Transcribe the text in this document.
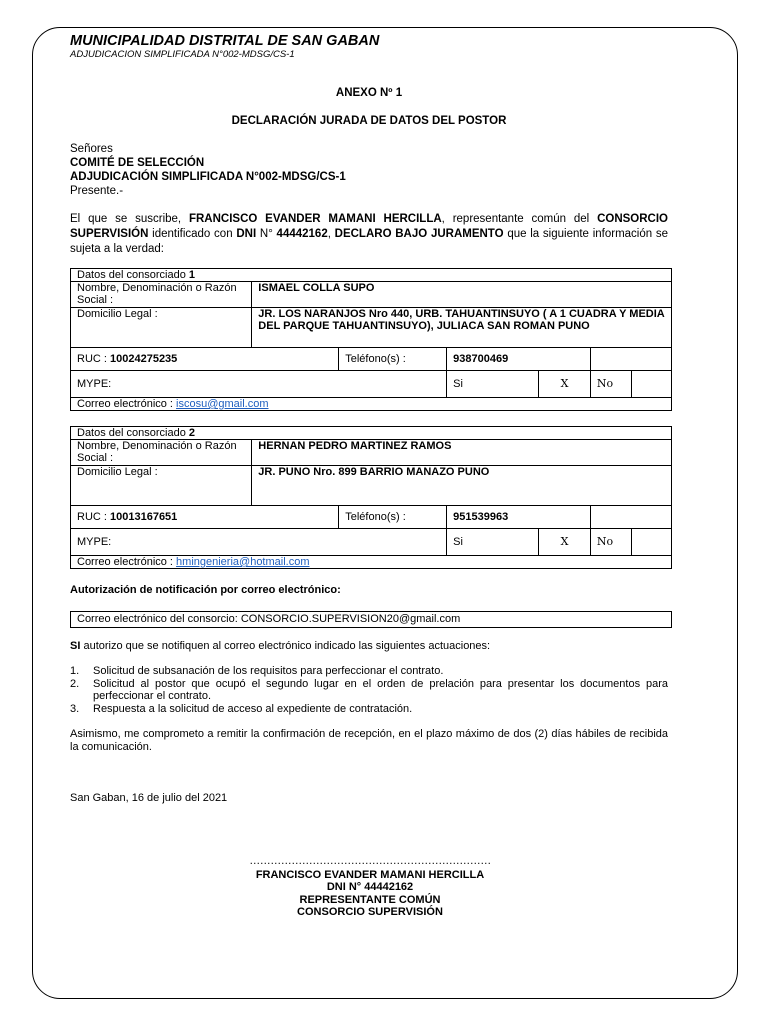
MUNICIPALIDAD DISTRITAL DE SAN GABAN
ADJUDICACION SIMPLIFICADA N°002-MDSG/CS-1
ANEXO Nº 1
DECLARACIÓN JURADA DE DATOS DEL POSTOR
Señores
COMITÉ DE SELECCIÓN
ADJUDICACIÓN SIMPLIFICADA N°002-MDSG/CS-1
Presente.-
El que se suscribe, FRANCISCO EVANDER MAMANI HERCILLA, representante común del CONSORCIO SUPERVISIÓN identificado con DNI N° 44442162, DECLARO BAJO JURAMENTO que la siguiente información se sujeta a la verdad:
Datos del consorciado 1						
Nombre, Denominación o Razón
Social :	ISMAEL COLLA SUPO					
Domicilio Legal :	JR. LOS NARANJOS Nro 440, URB. TAHUANTINSUYO ( A 1 CUADRA Y MEDIA DEL PARQUE TAHUANTINSUYO), JULIACA SAN ROMAN PUNO					
RUC : 10024275235		Teléfono(s) :	938700469			
MYPE:			Si	X	No	
Correo electrónico : iscosu@gmail.com						
Datos del consorciado 2						
Nombre, Denominación o Razón
Social :	HERNAN PEDRO MARTINEZ RAMOS					
Domicilio Legal :	JR. PUNO Nro. 899 BARRIO MANAZO PUNO					
RUC : 10013167651		Teléfono(s) :	951539963			
MYPE:			Si	X	No	
Correo electrónico : hmingenieria@hotmail.com						
Autorización de notificación por correo electrónico:
Correo electrónico del consorcio: CONSORCIO.SUPERVISION20@gmail.com
SI autorizo que se notifiquen al correo electrónico indicado las siguientes actuaciones:
1.	Solicitud de subsanación de los requisitos para perfeccionar el contrato.
2.	Solicitud al postor que ocupó el segundo lugar en el orden de prelación para presentar los documentos para perfeccionar el contrato.
3.	Respuesta a la solicitud de acceso al expediente de contratación.
Asimismo, me comprometo a remitir la confirmación de recepción, en el plazo máximo de dos (2) días hábiles de recibida la comunicación.
San Gaban, 16 de julio del 2021
……………………………………………………………
FRANCISCO EVANDER MAMANI HERCILLA
DNI N° 44442162
REPRESENTANTE COMÚN
CONSORCIO SUPERVISIÓN
